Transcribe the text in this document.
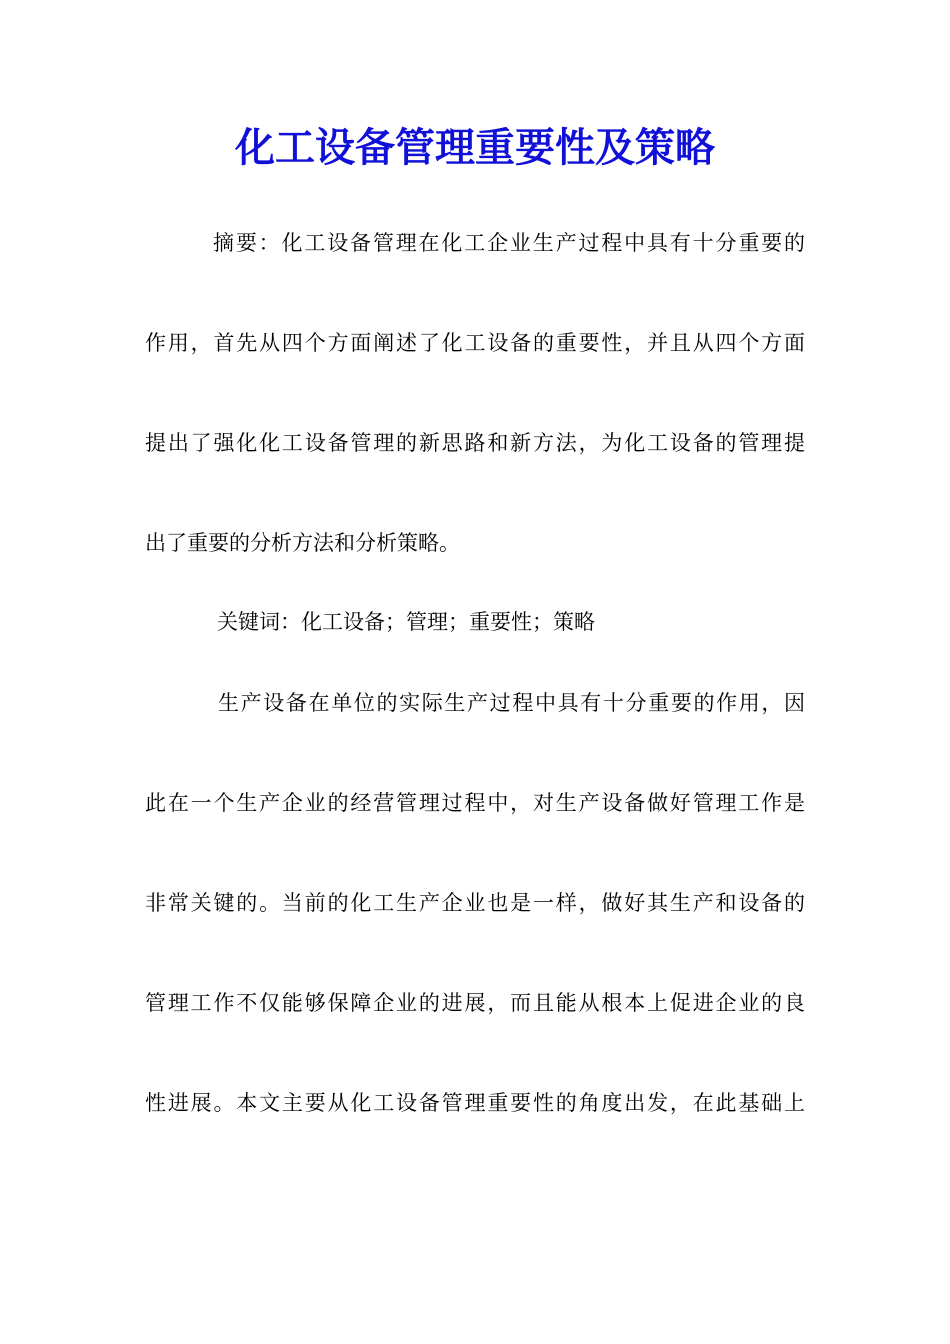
化工设备管理重要性及策略

摘要：化工设备管理在化工企业生产过程中具有十分重要的

作用，首先从四个方面阐述了化工设备的重要性，并且从四个方面

提出了强化化工设备管理的新思路和新方法，为化工设备的管理提

出了重要的分析方法和分析策略。

关键词：化工设备；管理；重要性；策略

生产设备在单位的实际生产过程中具有十分重要的作用，因

此在一个生产企业的经营管理过程中，对生产设备做好管理工作是

非常关键的。当前的化工生产企业也是一样，做好其生产和设备的

管理工作不仅能够保障企业的进展，而且能从根本上促进企业的良

性进展。本文主要从化工设备管理重要性的角度出发，在此基础上
